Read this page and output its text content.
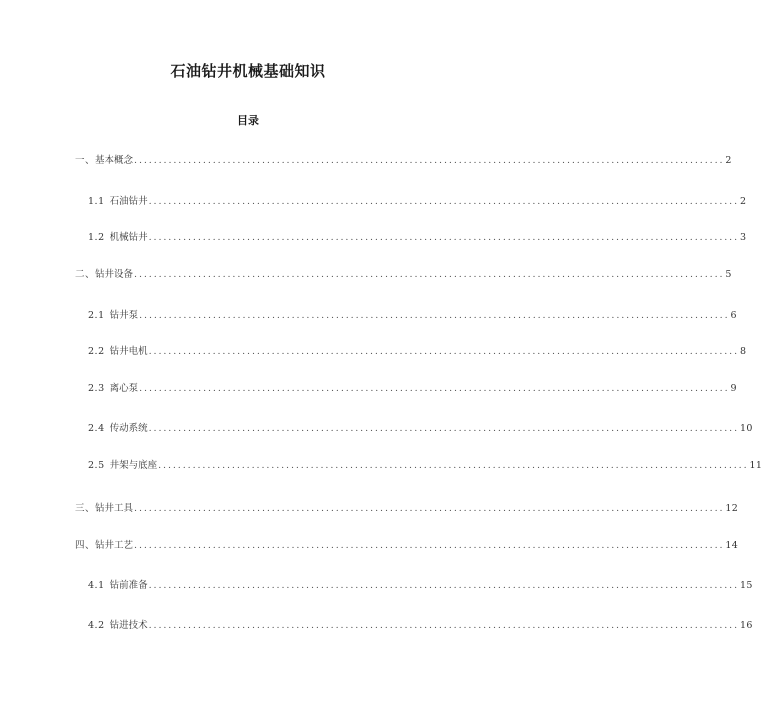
石油钻井机械基础知识
目录
一、 基本概念 ........................................................................................................................ 2
1.1 石油钻井 ........................................................................................................................ 2
1.2 机械钻井 ........................................................................................................................ 3
二、 钻井设备 ........................................................................................................................ 5
2.1 钻井泵 ........................................................................................................................ 6
2.2 钻井电机 ........................................................................................................................ 8
2.3 离心泵 ........................................................................................................................ 9
2.4 传动系统 ........................................................................................................................ 10
2.5 井架与底座 ........................................................................................................................ 11
三、 钻井工具 ........................................................................................................................ 12
四、 钻井工艺 ........................................................................................................................ 14
4.1 钻前准备 ........................................................................................................................ 15
4.2 钻进技术 ........................................................................................................................ 16
